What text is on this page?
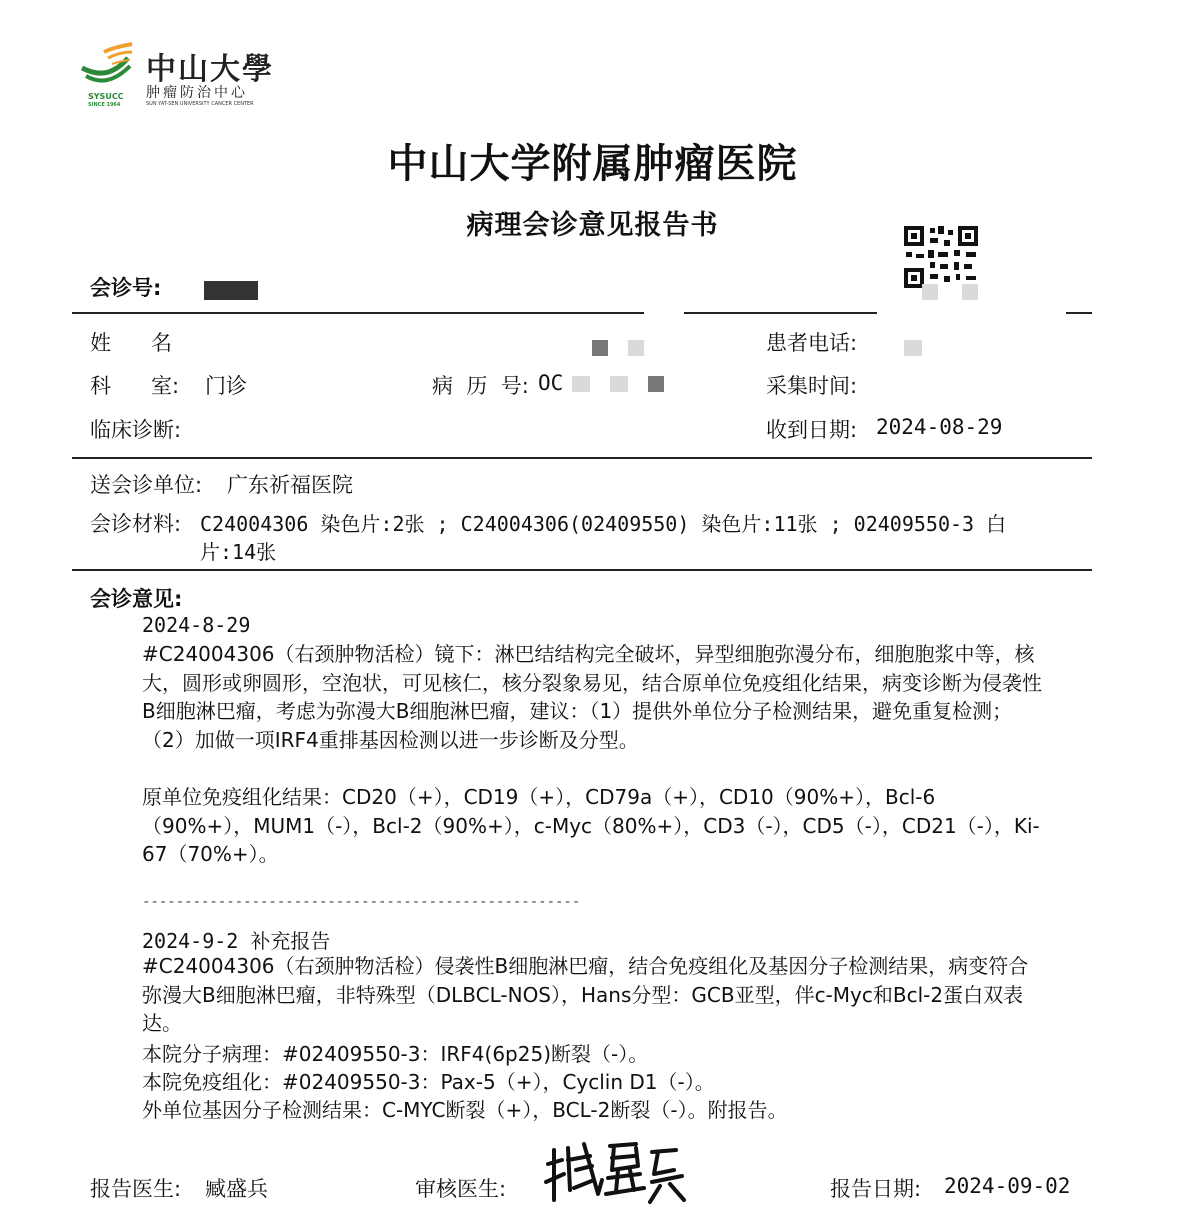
中山大學
肿瘤防治中心
SUN YAT-SEN UNIVERSITY CANCER CENTER
SYSUCC
SINCE 1964
中山大学附属肿瘤医院
病理会诊意见报告书
会诊号:
姓      名	患者电话:
科      室: 门诊	病  历  号: OC	采集时间:
临床诊断:	收到日期: 2024-08-29
送会诊单位: 广东祈福医院
会诊材料: C24004306 染色片:2张 ; C24004306(02409550) 染色片:11张 ; 02409550-3 白
片:14张
会诊意见:
2024-8-29
#C24004306（右颈肿物活检）镜下：淋巴结结构完全破坏，异型细胞弥漫分布，细胞胞浆中等，核大，圆形或卵圆形，空泡状，可见核仁，核分裂象易见，结合原单位免疫组化结果，病变诊断为侵袭性B细胞淋巴瘤，考虑为弥漫大B细胞淋巴瘤，建议：（1）提供外单位分子检测结果，避免重复检测；（2）加做一项IRF4重排基因检测以进一步诊断及分型。
原单位免疫组化结果：CD20（+），CD19（+），CD79a（+），CD10（90%+），Bcl-6（90%+），MUM1（-），Bcl-2（90%+），c-Myc（80%+），CD3（-），CD5（-），CD21（-），Ki-67（70%+）。
----------------------------------------------------
2024-9-2 补充报告
#C24004306（右颈肿物活检）侵袭性B细胞淋巴瘤，结合免疫组化及基因分子检测结果，病变符合弥漫大B细胞淋巴瘤，非特殊型（DLBCL-NOS），Hans分型：GCB亚型，伴c-Myc和Bcl-2蛋白双表达。
本院分子病理：#02409550-3：IRF4(6p25)断裂（-）。
本院免疫组化：#02409550-3：Pax-5（+），Cyclin D1（-）。
外单位基因分子检测结果：C-MYC断裂（+），BCL-2断裂（-）。附报告。
报告医生: 臧盛兵	审核医生:	报告日期: 2024-09-02
